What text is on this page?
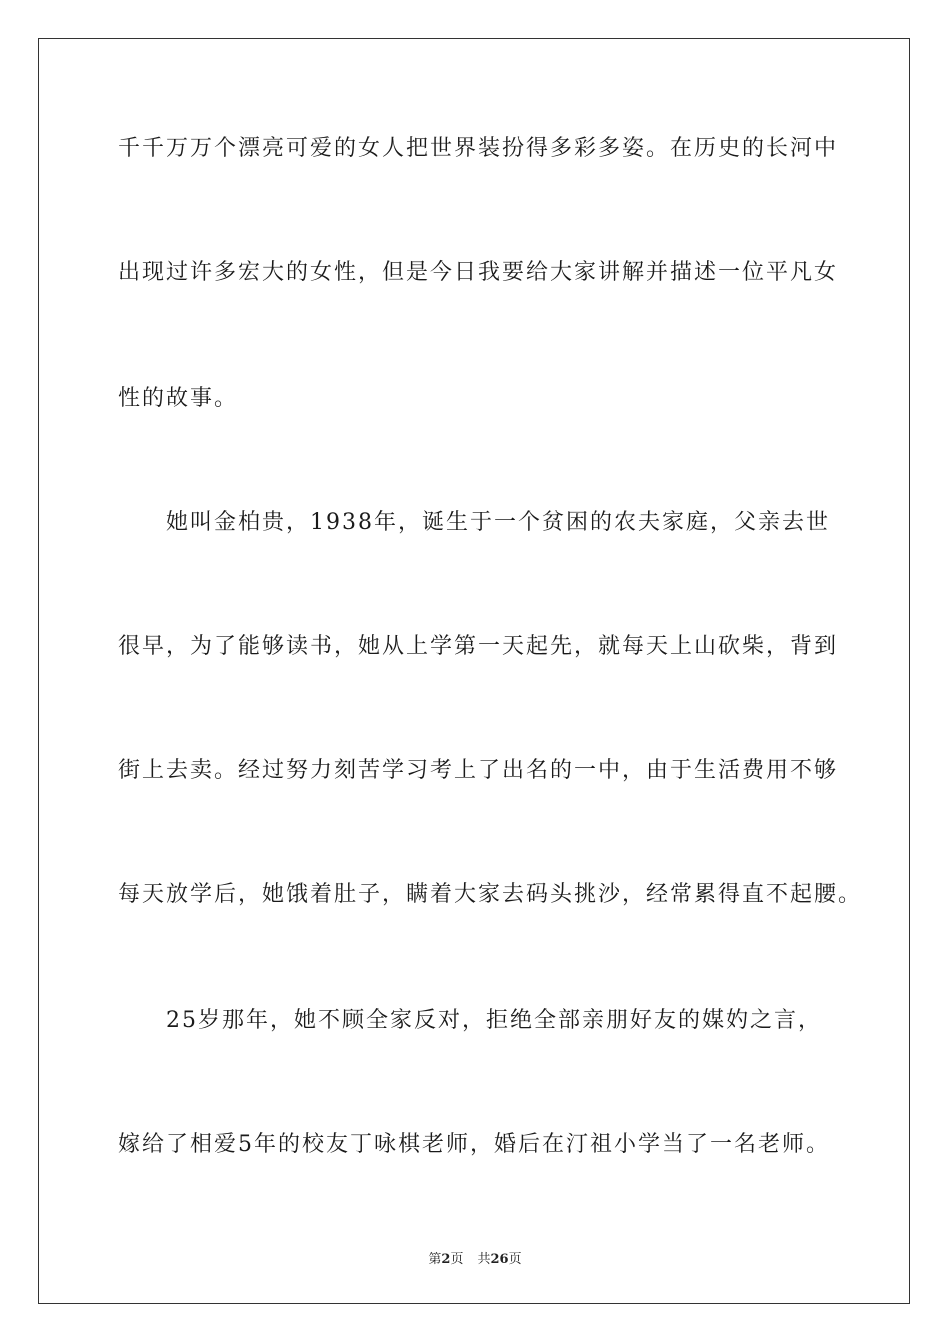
千千万万个漂亮可爱的女人把世界装扮得多彩多姿。在历史的长河中
出现过许多宏大的女性，但是今日我要给大家讲解并描述一位平凡女
性的故事。
她叫金柏贵，1938年，诞生于一个贫困的农夫家庭，父亲去世
很早，为了能够读书，她从上学第一天起先，就每天上山砍柴，背到
街上去卖。经过努力刻苦学习考上了出名的一中，由于生活费用不够
每天放学后，她饿着肚子，瞒着大家去码头挑沙，经常累得直不起腰。
25岁那年，她不顾全家反对，拒绝全部亲朋好友的媒妁之言，
嫁给了相爱5年的校友丁咏棋老师，婚后在汀祖小学当了一名老师。
第2页 共26页
